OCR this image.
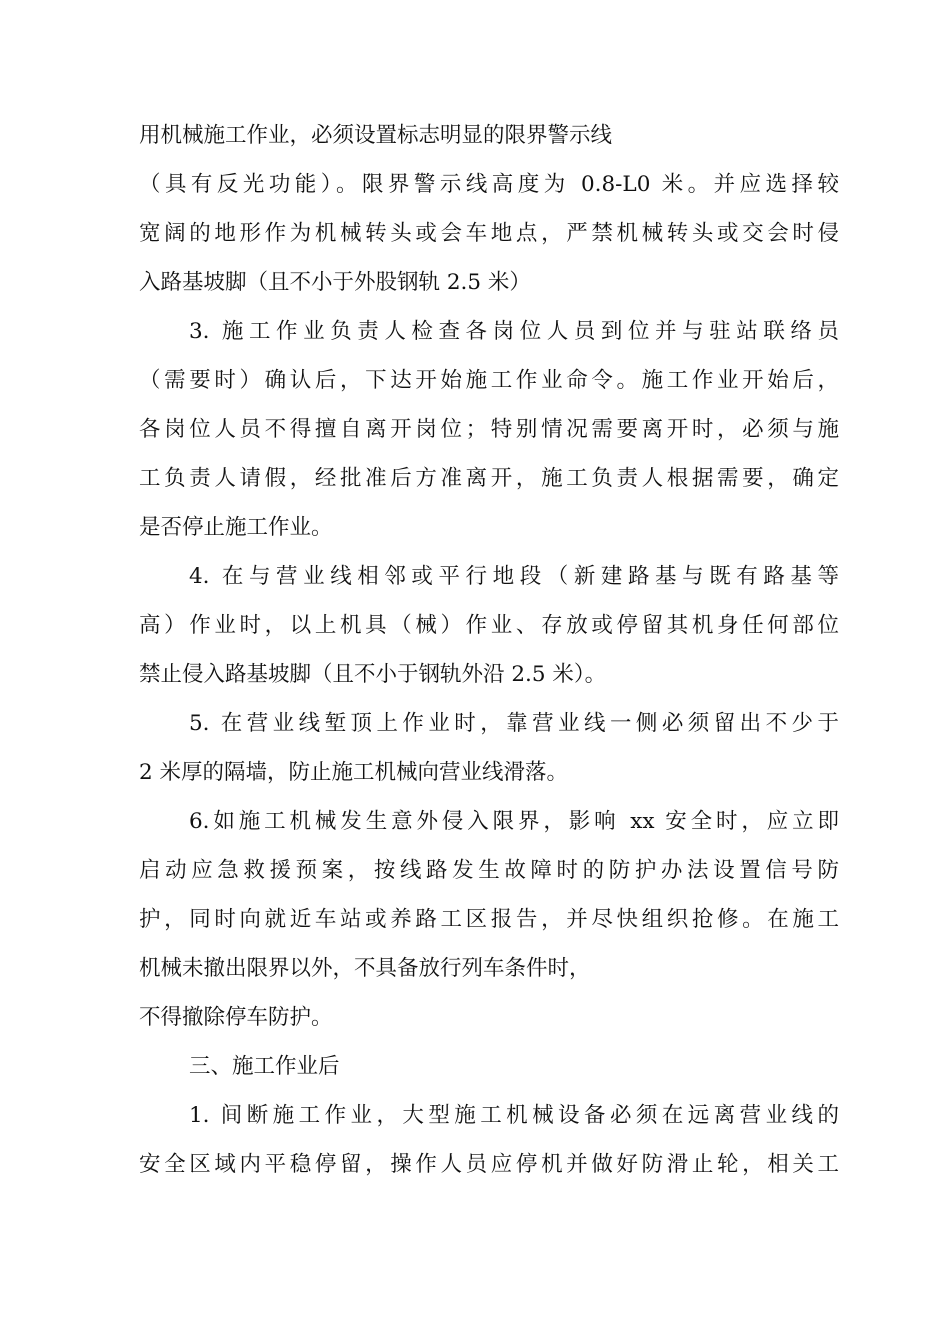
用机械施工作业，必须设置标志明显的限界警示线
（具有反光功能）。限界警示线高度为 0.8-L0 米。并应选择较
宽阔的地形作为机械转头或会车地点，严禁机械转头或交会时侵
入路基坡脚（且不小于外股钢轨 2.5 米）
3. 施工作业负责人检查各岗位人员到位并与驻站联络员
（需要时）确认后，下达开始施工作业命令。施工作业开始后，
各岗位人员不得擅自离开岗位；特别情况需要离开时，必须与施
工负责人请假，经批准后方准离开，施工负责人根据需要，确定
是否停止施工作业。
4. 在与营业线相邻或平行地段（新建路基与既有路基等
高）作业时，以上机具（械）作业、存放或停留其机身任何部位
禁止侵入路基坡脚（且不小于钢轨外沿 2.5 米）。
5. 在营业线堑顶上作业时，靠营业线一侧必须留出不少于
2 米厚的隔墙，防止施工机械向营业线滑落。
6.如施工机械发生意外侵入限界，影响 xx 安全时，应立即
启动应急救援预案，按线路发生故障时的防护办法设置信号防
护，同时向就近车站或养路工区报告，并尽快组织抢修。在施工
机械未撤出限界以外，不具备放行列车条件时，
不得撤除停车防护。
三、施工作业后
1. 间断施工作业，大型施工机械设备必须在远离营业线的
安全区域内平稳停留，操作人员应停机并做好防滑止轮，相关工
